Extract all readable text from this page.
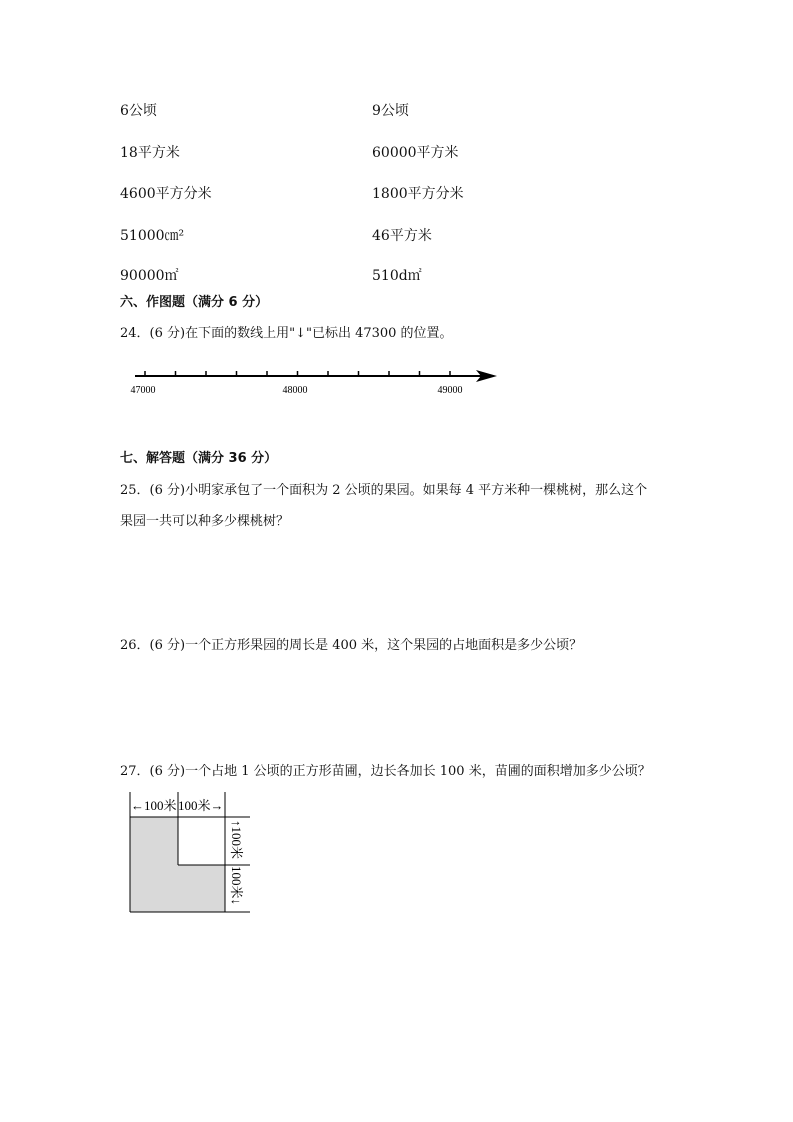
6公顷
18平方米
4600平方分米
51000㎝²
90000㎡
9公顷
60000平方米
1800平方分米
46平方米
510d㎡
六、作图题（满分 6 分）
24．(6 分)在下面的数线上用"↓"已标出 47300 的位置。
47000	48000	49000
七、解答题（满分 36 分）
25．(6 分)小明家承包了一个面积为 2 公顷的果园。如果每 4 平方米种一棵桃树，那么这个
果园一共可以种多少棵桃树？
26．(6 分)一个正方形果园的周长是 400 米，这个果园的占地面积是多少公顷？
27．(6 分)一个占地 1 公顷的正方形苗圃，边长各加长 100 米，苗圃的面积增加多少公顷？
←100米 100米→
↑100米
100米↓
